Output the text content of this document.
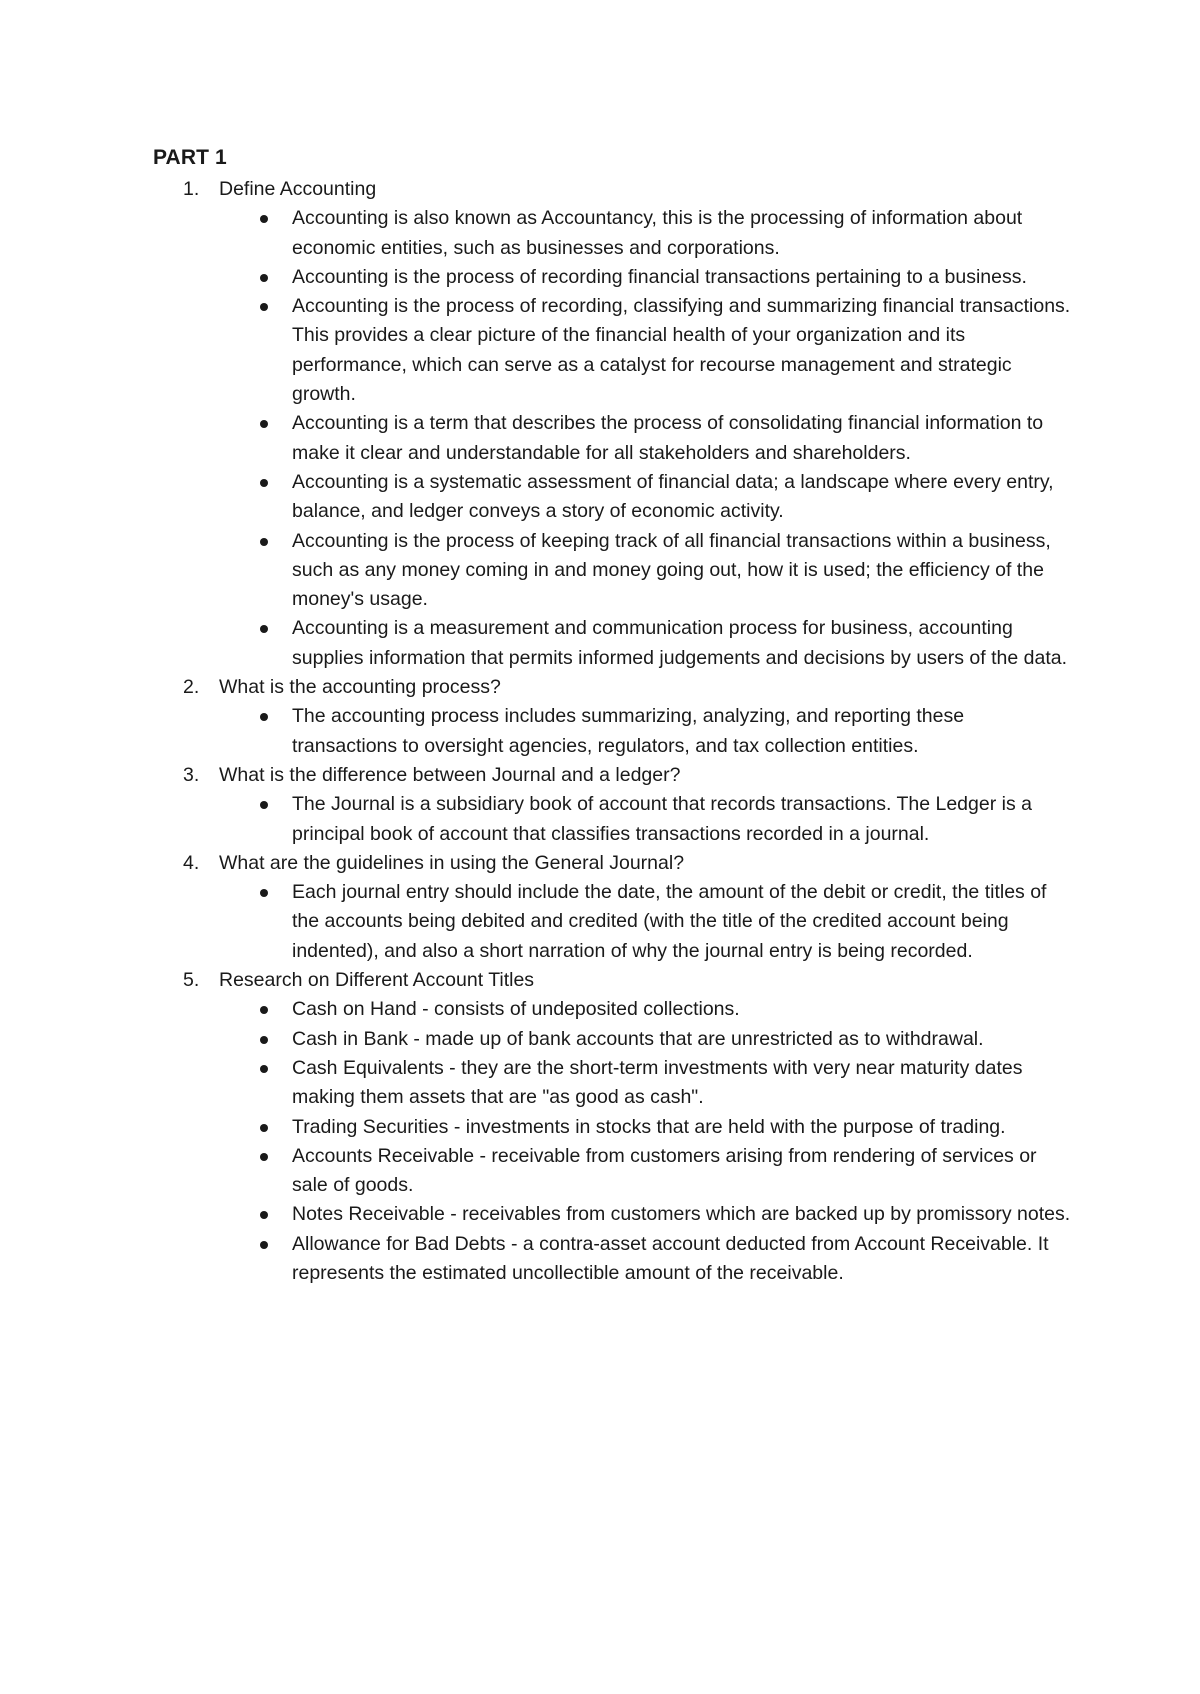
PART 1
1. Define Accounting
Accounting is also known as Accountancy, this is the processing of information about economic entities, such as businesses and corporations.
Accounting is the process of recording financial transactions pertaining to a business.
Accounting is the process of recording, classifying and summarizing financial transactions. This provides a clear picture of the financial health of your organization and its performance, which can serve as a catalyst for recourse management and strategic growth.
Accounting is a term that describes the process of consolidating financial information to make it clear and understandable for all stakeholders and shareholders.
Accounting is a systematic assessment of financial data; a landscape where every entry, balance, and ledger conveys a story of economic activity.
Accounting is the process of keeping track of all financial transactions within a business, such as any money coming in and money going out, how it is used; the efficiency of the money's usage.
Accounting is a measurement and communication process for business, accounting supplies information that permits informed judgements and decisions by users of the data.
2. What is the accounting process?
The accounting process includes summarizing, analyzing, and reporting these transactions to oversight agencies, regulators, and tax collection entities.
3. What is the difference between Journal and a ledger?
The Journal is a subsidiary book of account that records transactions. The Ledger is a principal book of account that classifies transactions recorded in a journal.
4. What are the guidelines in using the General Journal?
Each journal entry should include the date, the amount of the debit or credit, the titles of the accounts being debited and credited (with the title of the credited account being indented), and also a short narration of why the journal entry is being recorded.
5. Research on Different Account Titles
Cash on Hand - consists of undeposited collections.
Cash in Bank - made up of bank accounts that are unrestricted as to withdrawal.
Cash Equivalents - they are the short-term investments with very near maturity dates making them assets that are "as good as cash".
Trading Securities - investments in stocks that are held with the purpose of trading.
Accounts Receivable - receivable from customers arising from rendering of services or sale of goods.
Notes Receivable - receivables from customers which are backed up by promissory notes.
Allowance for Bad Debts - a contra-asset account deducted from Account Receivable. It represents the estimated uncollectible amount of the receivable.
